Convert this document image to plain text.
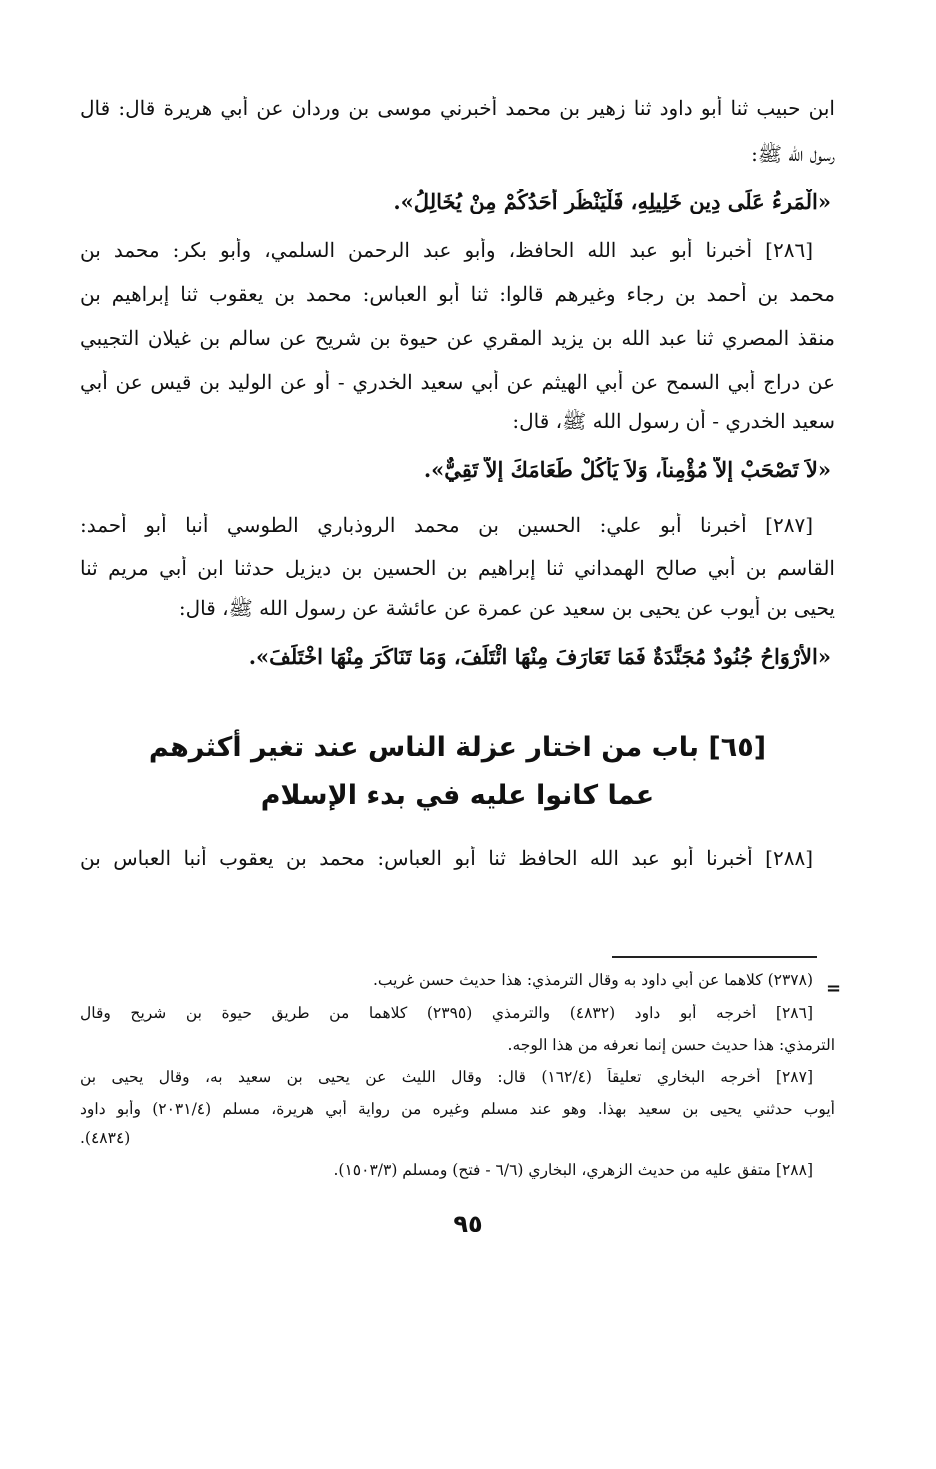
ابن حبيب ثنا أبو داود ثنا زهير بن محمد أخبرني موسى بن وردان عن أبي هريرة قال: قال
رسول الله ﷺ:
«الْمَرءُ عَلَى دِينِ خَلِيلِهِ، فَلْيَنْظُر أَحَدُكُمْ مِنْ يُخَالِلُ».
[٢٨٦] أخبرنا أبو عبد الله الحافظ، وأبو عبد الرحمن السلمي، وأبو بكر: محمد بن
محمد بن أحمد بن رجاء وغيرهم قالوا: ثنا أبو العباس: محمد بن يعقوب ثنا إبراهيم بن
منقذ المصري ثنا عبد الله بن يزيد المقري عن حيوة بن شريح عن سالم بن غيلان التجيبي
عن دراج أبي السمح عن أبي الهيثم عن أبي سعيد الخدري - أو عن الوليد بن قيس عن أبي
سعيد الخدري - أن رسول الله ﷺ، قال:
«لاَ تَصْحَبْ إِلاَّ مُؤْمِناً، وَلاَ يَأْكُلْ طَعَامَكَ إِلاَّ تَقِيٌّ».
[٢٨٧] أخبرنا أبو علي: الحسين بن محمد الروذباري الطوسي أنبا أبو أحمد:
القاسم بن أبي صالح الهمداني ثنا إبراهيم بن الحسين بن ديزيل حدثنا ابن أبي مريم ثنا
يحيى بن أيوب عن يحيى بن سعيد عن عمرة عن عائشة عن رسول الله ﷺ، قال:
«الأَرْوَاحُ جُنُودٌ مُجَنَّدَةٌ فَمَا تَعَارَفَ مِنْهَا ائْتَلَفَ، وَمَا تَنَاكَرَ مِنْهَا اخْتَلَفَ».
[٦٥] باب من اختار عزلة الناس عند تغير أكثرهم
عما كانوا عليه في بدء الإسلام
[٢٨٨] أخبرنا أبو عبد الله الحافظ ثنا أبو العباس: محمد بن يعقوب أنبا العباس بن
=
(٢٣٧٨) كلاهما عن أبي داود به وقال الترمذي: هذا حديث حسن غريب.
[٢٨٦] أخرجه أبو داود (٤٨٣٢) والترمذي (٢٣٩٥) كلاهما من طريق حيوة بن شريح وقال
الترمذي: هذا حديث حسن إنما نعرفه من هذا الوجه.
[٢٨٧] أخرجه البخاري تعليقاً (١٦٢/٤) قال: وقال الليث عن يحيى بن سعيد به، وقال يحيى بن
أيوب حدثني يحيى بن سعيد بهذا. وهو عند مسلم وغيره من رواية أبي هريرة، مسلم (٢٠٣١/٤) وأبو داود
(٤٨٣٤).
[٢٨٨] متفق عليه من حديث الزهري، البخاري (٦/٦ - فتح) ومسلم (١٥٠٣/٣).
٩٥
